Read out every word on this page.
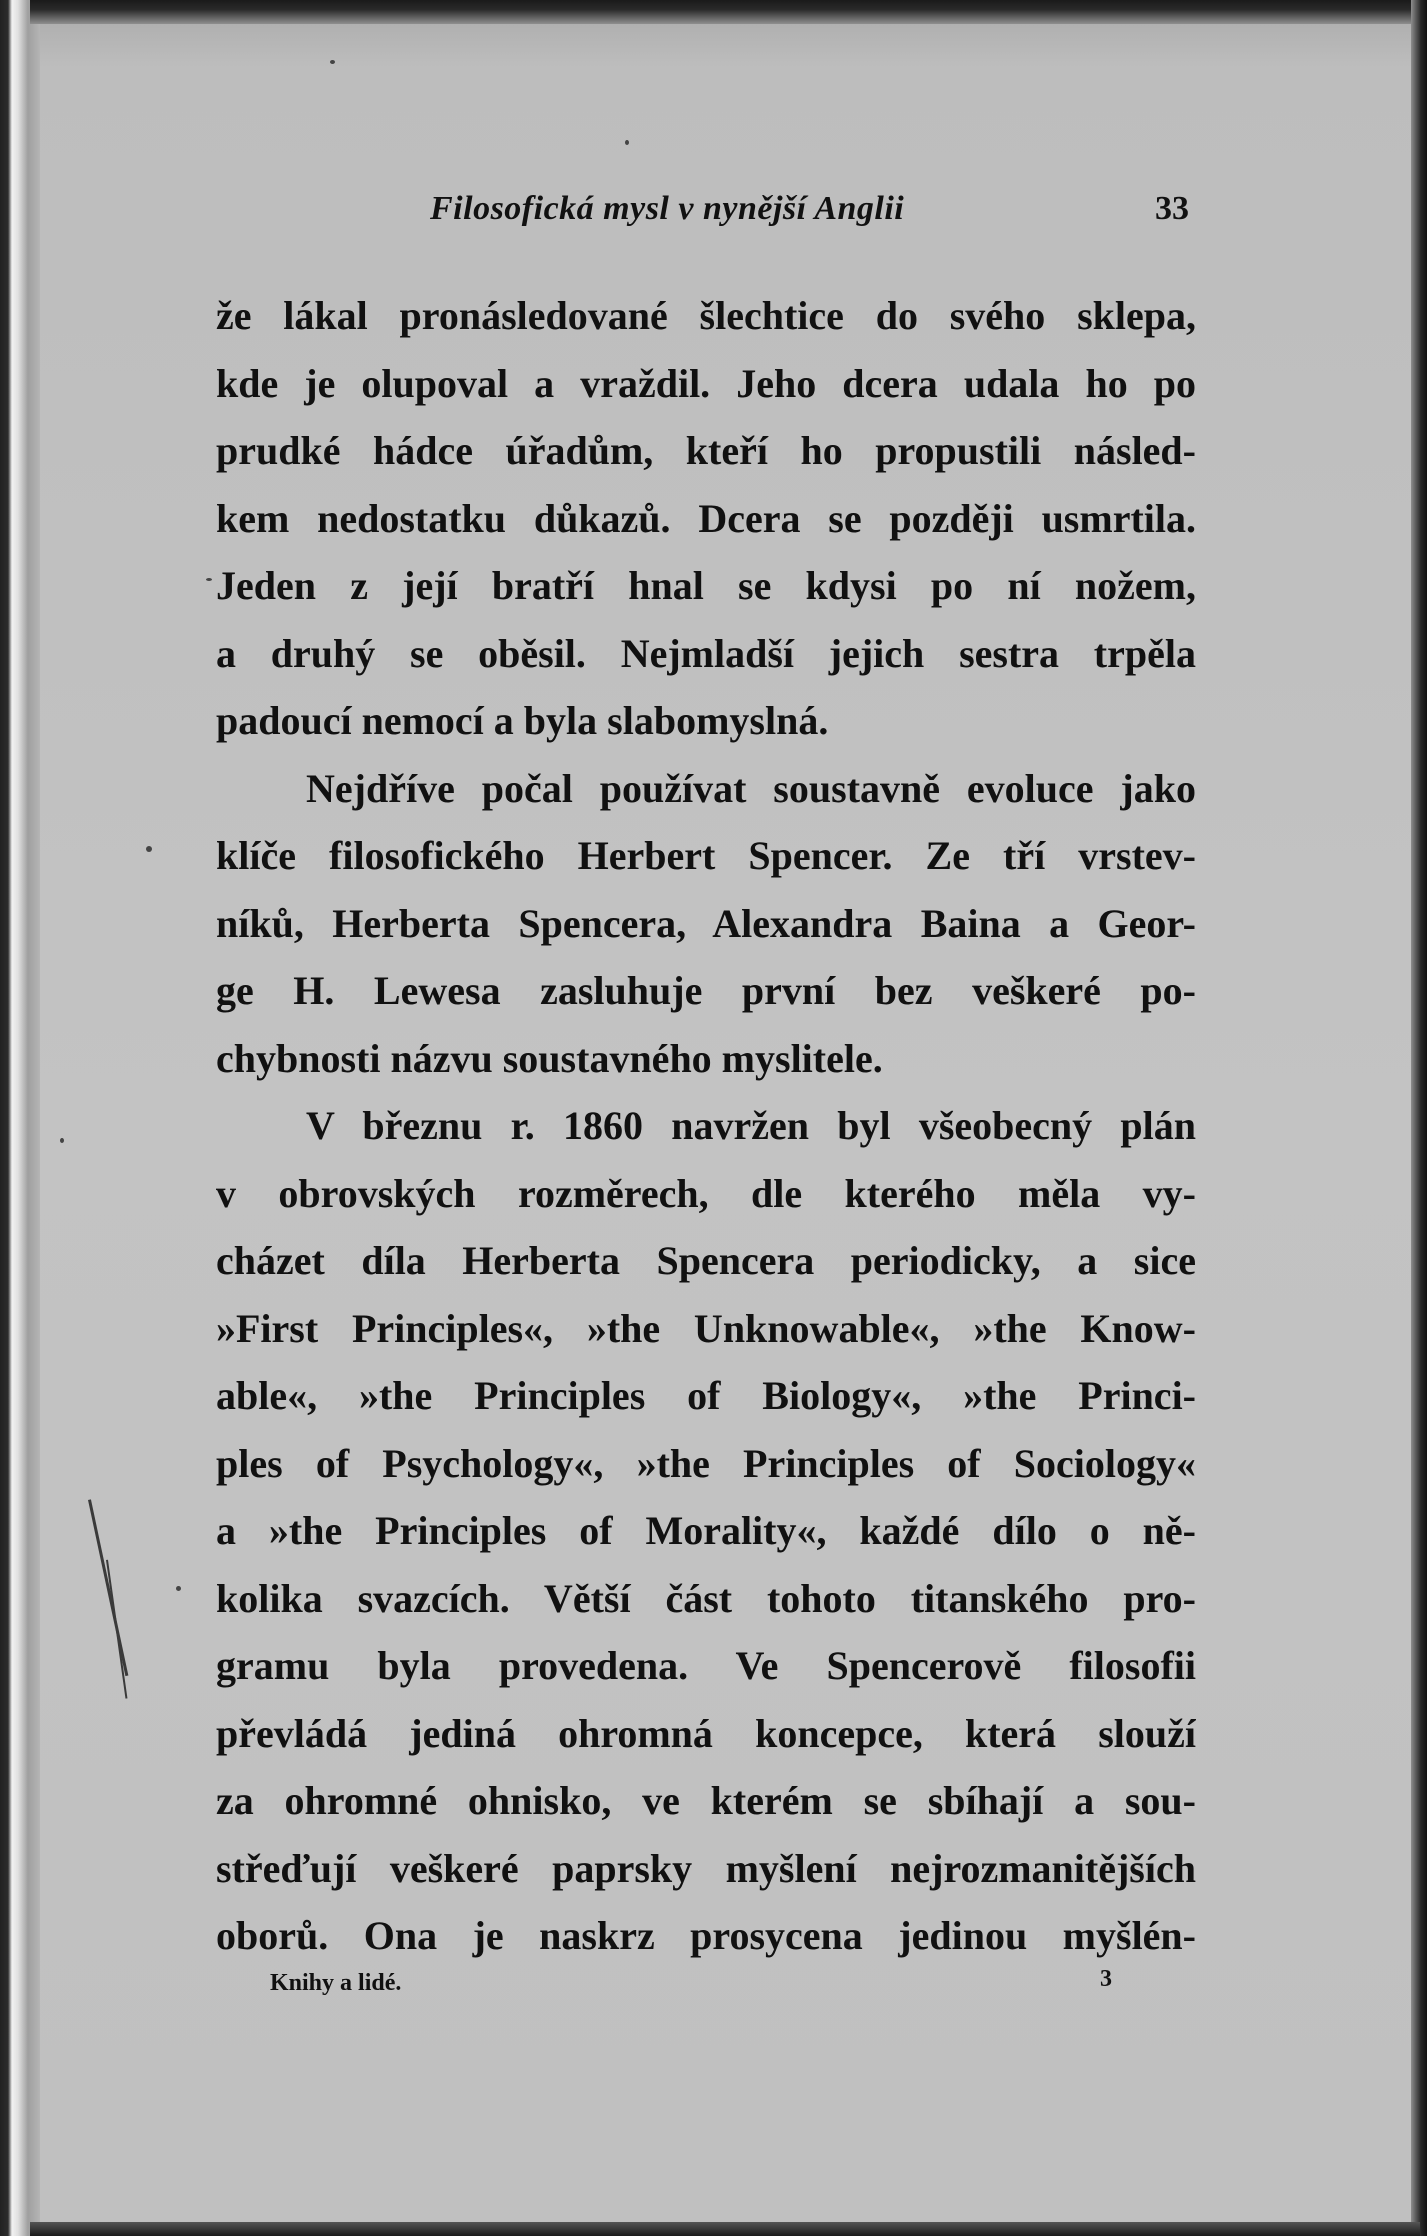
Filosofická mysl v nynější Anglii	33
že lákal pronásledované šlechtice do svého sklepa,
kde je olupoval a vraždil. Jeho dcera udala ho po
prudké hádce úřadům, kteří ho propustili násled-
kem nedostatku důkazů. Dcera se později usmrtila.
Jeden z její bratří hnal se kdysi po ní nožem,
a druhý se oběsil. Nejmladší jejich sestra trpěla
padoucí nemocí a byla slabomyslná.
Nejdříve počal používat soustavně evoluce jako
klíče filosofického Herbert Spencer. Ze tří vrstev-
níků, Herberta Spencera, Alexandra Baina a Geor-
ge H. Lewesa zasluhuje první bez veškeré po-
chybnosti názvu soustavného myslitele.
V březnu r. 1860 navržen byl všeobecný plán
v obrovských rozměrech, dle kterého měla vy-
cházet díla Herberta Spencera periodicky, a sice
»First Principles«, »the Unknowable«, »the Know-
able«, »the Principles of Biology«, »the Princi-
ples of Psychology«, »the Principles of Sociology«
a »the Principles of Morality«, každé dílo o ně-
kolika svazcích. Větší část tohoto titanského pro-
gramu byla provedena. Ve Spencerově filosofii
převládá jediná ohromná koncepce, která slouží
za ohromné ohnisko, ve kterém se sbíhají a sou-
střeďují veškeré paprsky myšlení nejrozmanitějších
oborů. Ona je naskrz prosycena jedinou myšlén-
Knihy a lidé.	3
